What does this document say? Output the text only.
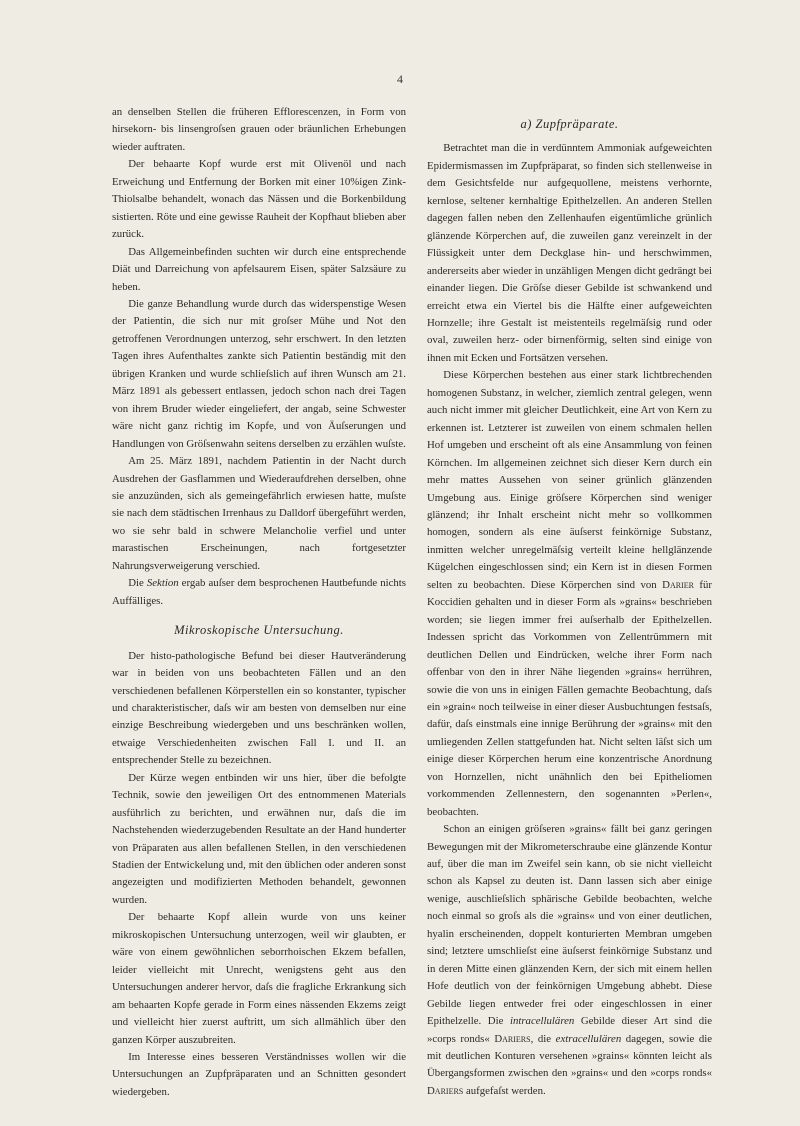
4

an denselben Stellen die früheren Efflorescenzen, in Form von hirsekorn- bis linsengroſsen grauen oder bräunlichen Erhebungen wieder auftraten.

Der behaarte Kopf wurde erst mit Olivenöl und nach Erweichung und Entfernung der Borken mit einer 10%igen Zink-Thiolsalbe behandelt, wonach das Nässen und die Borkenbildung sistierten. Röte und eine gewisse Rauheit der Kopfhaut blieben aber zurück.

Das Allgemeinbefinden suchten wir durch eine entsprechende Diät und Darreichung von apfelsaurem Eisen, später Salzsäure zu heben.

Die ganze Behandlung wurde durch das widerspenstige Wesen der Patientin, die sich nur mit groſser Mühe und Not den getroffenen Verordnungen unterzog, sehr erschwert. In den letzten Tagen ihres Aufenthaltes zankte sich Patientin beständig mit den übrigen Kranken und wurde schlieſslich auf ihren Wunsch am 21. März 1891 als gebessert entlassen, jedoch schon nach drei Tagen von ihrem Bruder wieder eingeliefert, der angab, seine Schwester wäre nicht ganz richtig im Kopfe, und von Äuſserungen und Handlungen von Gröſsenwahn seitens derselben zu erzählen wuſste.

Am 25. März 1891, nachdem Patientin in der Nacht durch Ausdrehen der Gasflammen und Wiederaufdrehen derselben, ohne sie anzuzünden, sich als gemeingefährlich erwiesen hatte, muſste sie nach dem städtischen Irrenhaus zu Dalldorf übergeführt werden, wo sie sehr bald in schwere Melancholie verfiel und unter marastischen Erscheinungen, nach fortgesetzter Nahrungsverweigerung verschied.

Die Sektion ergab auſser dem besprochenen Hautbefunde nichts Auffälliges.

Mikroskopische Untersuchung.

Der histo-pathologische Befund bei dieser Hautveränderung war in beiden von uns beobachteten Fällen und an den verschiedenen befallenen Körperstellen ein so konstanter, typischer und charakteristischer, daſs wir am besten von demselben nur eine einzige Beschreibung wiedergeben und uns beschränken wollen, etwaige Verschiedenheiten zwischen Fall I. und II. an entsprechender Stelle zu bezeichnen.

Der Kürze wegen entbinden wir uns hier, über die befolgte Technik, sowie den jeweiligen Ort des entnommenen Materials ausführlich zu berichten, und erwähnen nur, daſs die im Nachstehenden wiederzugebenden Resultate an der Hand hunderter von Präparaten aus allen befallenen Stellen, in den verschiedenen Stadien der Entwickelung und, mit den üblichen oder anderen sonst angezeigten und modifizierten Methoden behandelt, gewonnen wurden.

Der behaarte Kopf allein wurde von uns keiner mikroskopischen Untersuchung unterzogen, weil wir glaubten, er wäre von einem gewöhnlichen seborrhoischen Ekzem befallen, leider vielleicht mit Unrecht, wenigstens geht aus den Untersuchungen anderer hervor, daſs die fragliche Erkrankung sich am behaarten Kopfe gerade in Form eines nässenden Ekzems zeigt und vielleicht hier zuerst auftritt, um sich allmählich über den ganzen Körper auszubreiten.

Im Interesse eines besseren Verständnisses wollen wir die Untersuchungen an Zupfpräparaten und an Schnitten gesondert wiedergeben.

a) Zupfpräparate.

Betrachtet man die in verdünntem Ammoniak aufgeweichten Epidermismassen im Zupfpräparat, so finden sich stellenweise in dem Gesichtsfelde nur aufgequollene, meistens verhornte, kernlose, seltener kernhaltige Epithelzellen. An anderen Stellen dagegen fallen neben den Zellenhaufen eigentümliche grünlich glänzende Körperchen auf, die zuweilen ganz vereinzelt in der Flüssigkeit unter dem Deckglase hin- und herschwimmen, andererseits aber wieder in unzähligen Mengen dicht gedrängt bei einander liegen. Die Gröſse dieser Gebilde ist schwankend und erreicht etwa ein Viertel bis die Hälfte einer aufgeweichten Hornzelle; ihre Gestalt ist meistenteils regelmäſsig rund oder oval, zuweilen herz- oder birnenförmig, selten sind einige von ihnen mit Ecken und Fortsätzen versehen.

Diese Körperchen bestehen aus einer stark lichtbrechenden homogenen Substanz, in welcher, ziemlich zentral gelegen, wenn auch nicht immer mit gleicher Deutlichkeit, eine Art von Kern zu erkennen ist. Letzterer ist zuweilen von einem schmalen hellen Hof umgeben und erscheint oft als eine Ansammlung von feinen Körnchen. Im allgemeinen zeichnet sich dieser Kern durch ein mehr mattes Aussehen von seiner grünlich glänzenden Umgebung aus. Einige gröſsere Körperchen sind weniger glänzend; ihr Inhalt erscheint nicht mehr so vollkommen homogen, sondern als eine äuſserst feinkörnige Substanz, inmitten welcher unregelmäſsig verteilt kleine hellglänzende Kügelchen eingeschlossen sind; ein Kern ist in diesen Formen selten zu beobachten. Diese Körperchen sind von Darier für Koccidien gehalten und in dieser Form als »grains« beschrieben worden; sie liegen immer frei auſserhalb der Epithelzellen. Indessen spricht das Vorkommen von Zellentrümmern mit deutlichen Dellen und Eindrücken, welche ihrer Form nach offenbar von den in ihrer Nähe liegenden »grains« herrühren, sowie die von uns in einigen Fällen gemachte Beobachtung, daſs ein »grain« noch teilweise in einer dieser Ausbuchtungen festsaſs, dafür, daſs einstmals eine innige Berührung der »grains« mit den umliegenden Zellen stattgefunden hat. Nicht selten läſst sich um einige dieser Körperchen herum eine konzentrische Anordnung von Hornzellen, nicht unähnlich den bei Epitheliomen vorkommenden Zellennestern, den sogenannten »Perlen«, beobachten.

Schon an einigen gröſseren »grains« fällt bei ganz geringen Bewegungen mit der Mikrometerschraube eine glänzende Kontur auf, über die man im Zweifel sein kann, ob sie nicht vielleicht schon als Kapsel zu deuten ist. Dann lassen sich aber einige wenige, auschlieſslich sphärische Gebilde beobachten, welche noch einmal so groſs als die »grains« und von einer deutlichen, hyalin erscheinenden, doppelt konturierten Membran umgeben sind; letztere umschlieſst eine äuſserst feinkörnige Substanz und in deren Mitte einen glänzenden Kern, der sich mit einem hellen Hofe deutlich von der feinkörnigen Umgebung abhebt. Diese Gebilde liegen entweder frei oder eingeschlossen in einer Epithelzelle. Die intracellulären Gebilde dieser Art sind die »corps ronds« Dariers, die extracellulären dagegen, sowie die mit deutlichen Konturen versehenen »grains« könnten leicht als Übergangsformen zwischen den »grains« und den »corps ronds« Dariers aufgefaſst werden.
